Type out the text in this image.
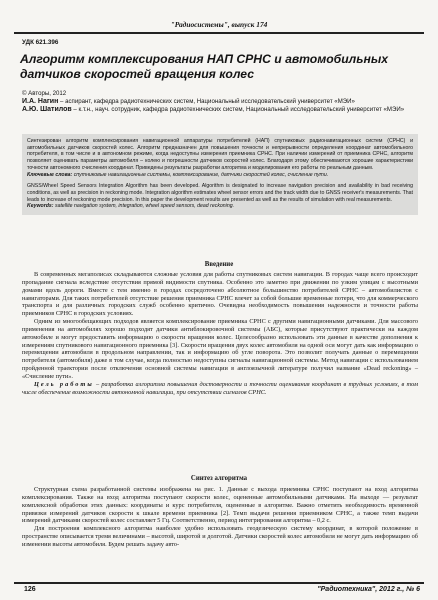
"Радиосистемы", выпуск 174
УДК 621.396
Алгоритм комплексирования НАП СРНС и автомобильных датчиков скоростей вращения колес
© Авторы, 2012
И.А. Нагин – аспирант, кафедра радиотехнических систем, Национальный исследовательский университет «МЭИ»
А.Ю. Шатилов – к.т.н., науч. сотрудник, кафедра радиотехнических систем, Национальный исследовательский университет «МЭИ»

Синтезирован алгоритм комплексирования навигационной аппаратуры потребителей (НАП) спутниковых радионавигационных систем (СРНС) и автомобильных датчиков скоростей колес. Алгоритм предназначен для повышения точности и непрерывности определения координат автомобильного потребителя, в том числе и в автономном режиме, когда недоступны измерения приемника СРНС. При наличии измерений от приемника СРНС, алгоритм позволяет оценивать параметры автомобиля – колею и погрешности датчиков скоростей колес. Благодаря этому обеспечиваются хорошие характеристики точности автономного счисления координат. Приведены результаты разработки алгоритма и моделирования его работы по реальным данным.

Ключевые слова: спутниковые навигационные системы, комплексирование, датчики скоростей колес, счисление пути.

GNSS/Wheel Speed Sensors Integration Algorithm has been developed. Algorithm is designated to increase navigation precision and availability in bad receiving conditions, as well as precision in reckoning mode. Integration algorithm estimates wheel sensor errors and the track width due to GNSS receiver's measurements. That leads to increase of reckoning mode precision. In this paper the development results are presented as well as the results of simulation with real measurements.

Keywords: satellite navigation system, integration, wheel speed sensors, dead reckoning.

Введение

В современных мегаполисах складываются сложные условия для работы спутниковых систем навигации. В городах чаще всего происходит пропадание сигнала вследствие отсутствия прямой видимости спутника. Особенно это заметно при движении по узким улицам с высотными домами вдоль дороги. Вместе с тем именно в городах сосредоточено абсолютное большинство потребителей СРНС – автомобилистов с навигаторами. Для таких потребителей отсутствие решения приемника СРНС влечет за собой большие временные потери, что для коммерческого транспорта и для различных городских служб особенно критично. Очевидна необходимость повышения надежности и точности работы приемников СРНС в городских условиях.

Одним из многообещающих подходов является комплексирование приемника СРНС с другими навигационными датчиками. Для массового применения на автомобилях хорошо подходят датчики антиблокировочной системы (АБС), которые присутствуют практически на каждом автомобиле и могут предоставить информацию о скорости вращения колес. Целесообразно использовать эти данные в качестве дополнения к измерениям спутникового навигационного приемника [3]. Скорости вращения двух колес автомобиля на одной оси могут дать как информацию о перемещении автомобиля в продольном направлении, так и информацию об угле поворота. Это позволит получать данные о перемещении потребителя (автомобиля) даже в том случае, когда полностью недоступны сигналы навигационной системы. Метод навигации с использованием пройденной траектории после отключения основной системы навигации в англоязычной литературе получил название «Dead reckoning» – «Счисление пути».

Цель работы – разработка алгоритма повышения достоверности и точности оценивания координат в трудных условиях, в том числе обеспечение возможности автономной навигации, при отсутствии сигналов СРНС.

Синтез алгоритма

Структурная схема разработанной системы изображена на рис. 1. Данные с выхода приемника СРНС поступают на вход алгоритма комплексирования. Также на вход алгоритма поступают скорости колес, оцененные автомобильными датчиками. На выходе — результат комплексной обработки этих данных: координаты и курс потребителя, оцененные в алгоритме. Важно отметить необходимость временной привязки измерений датчиков скорости к шкале времени приемника [2]. Темп выдачи решения приемником СРНС, а также темп выдачи измерений датчиками скоростей колес составляет 5 Гц. Соответственно, период интегрирования алгоритма – 0,2 с.

Для построения комплексного алгоритма наиболее удобно использовать геодезическую систему координат, в которой положение в пространстве описывается тремя величинами – высотой, широтой и долготой. Датчики скоростей колес автомобиля не могут дать информацию об изменении высоты автомобиля. Будем решать задачу авто-

126	"Радиотехника", 2012 г., № 6
